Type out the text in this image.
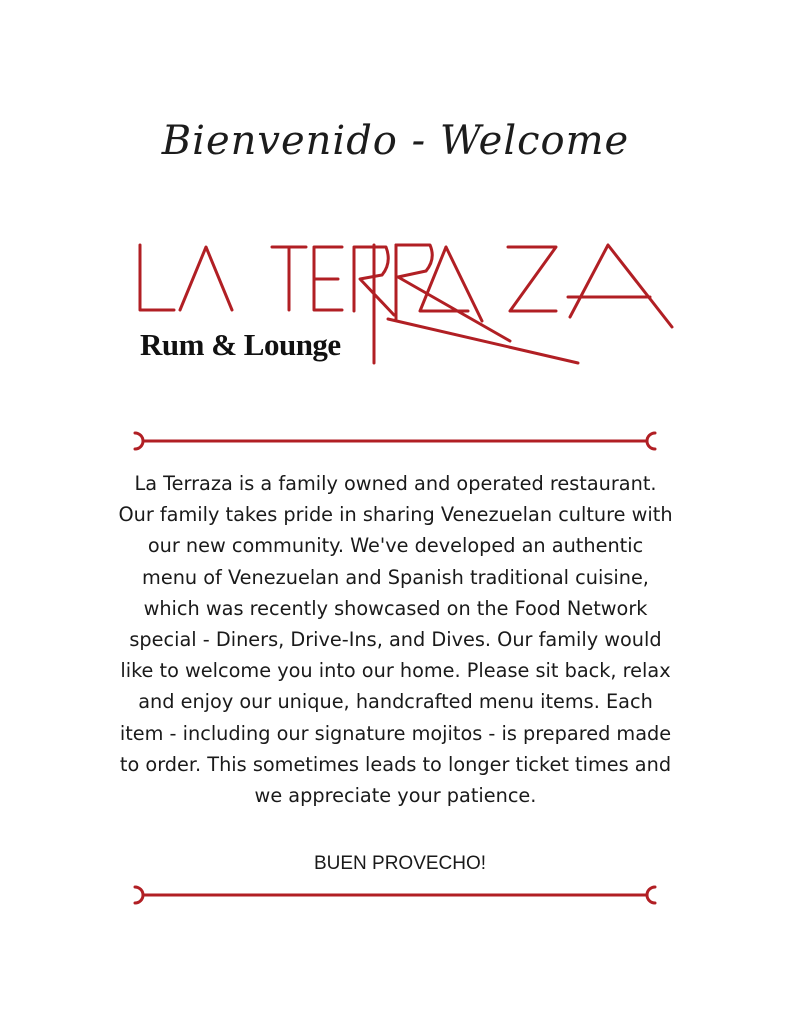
Bienvenido - Welcome
Rum & Lounge

La Terraza is a family owned and operated restaurant. Our family takes pride in sharing Venezuelan culture with our new community. We've developed an authentic menu of Venezuelan and Spanish traditional cuisine, which was recently showcased on the Food Network special - Diners, Drive-Ins, and Dives. Our family would like to welcome you into our home. Please sit back, relax and enjoy our unique, handcrafted menu items. Each item - including our signature mojitos - is prepared made to order. This sometimes leads to longer ticket times and we appreciate your patience.

BUEN PROVECHO!
